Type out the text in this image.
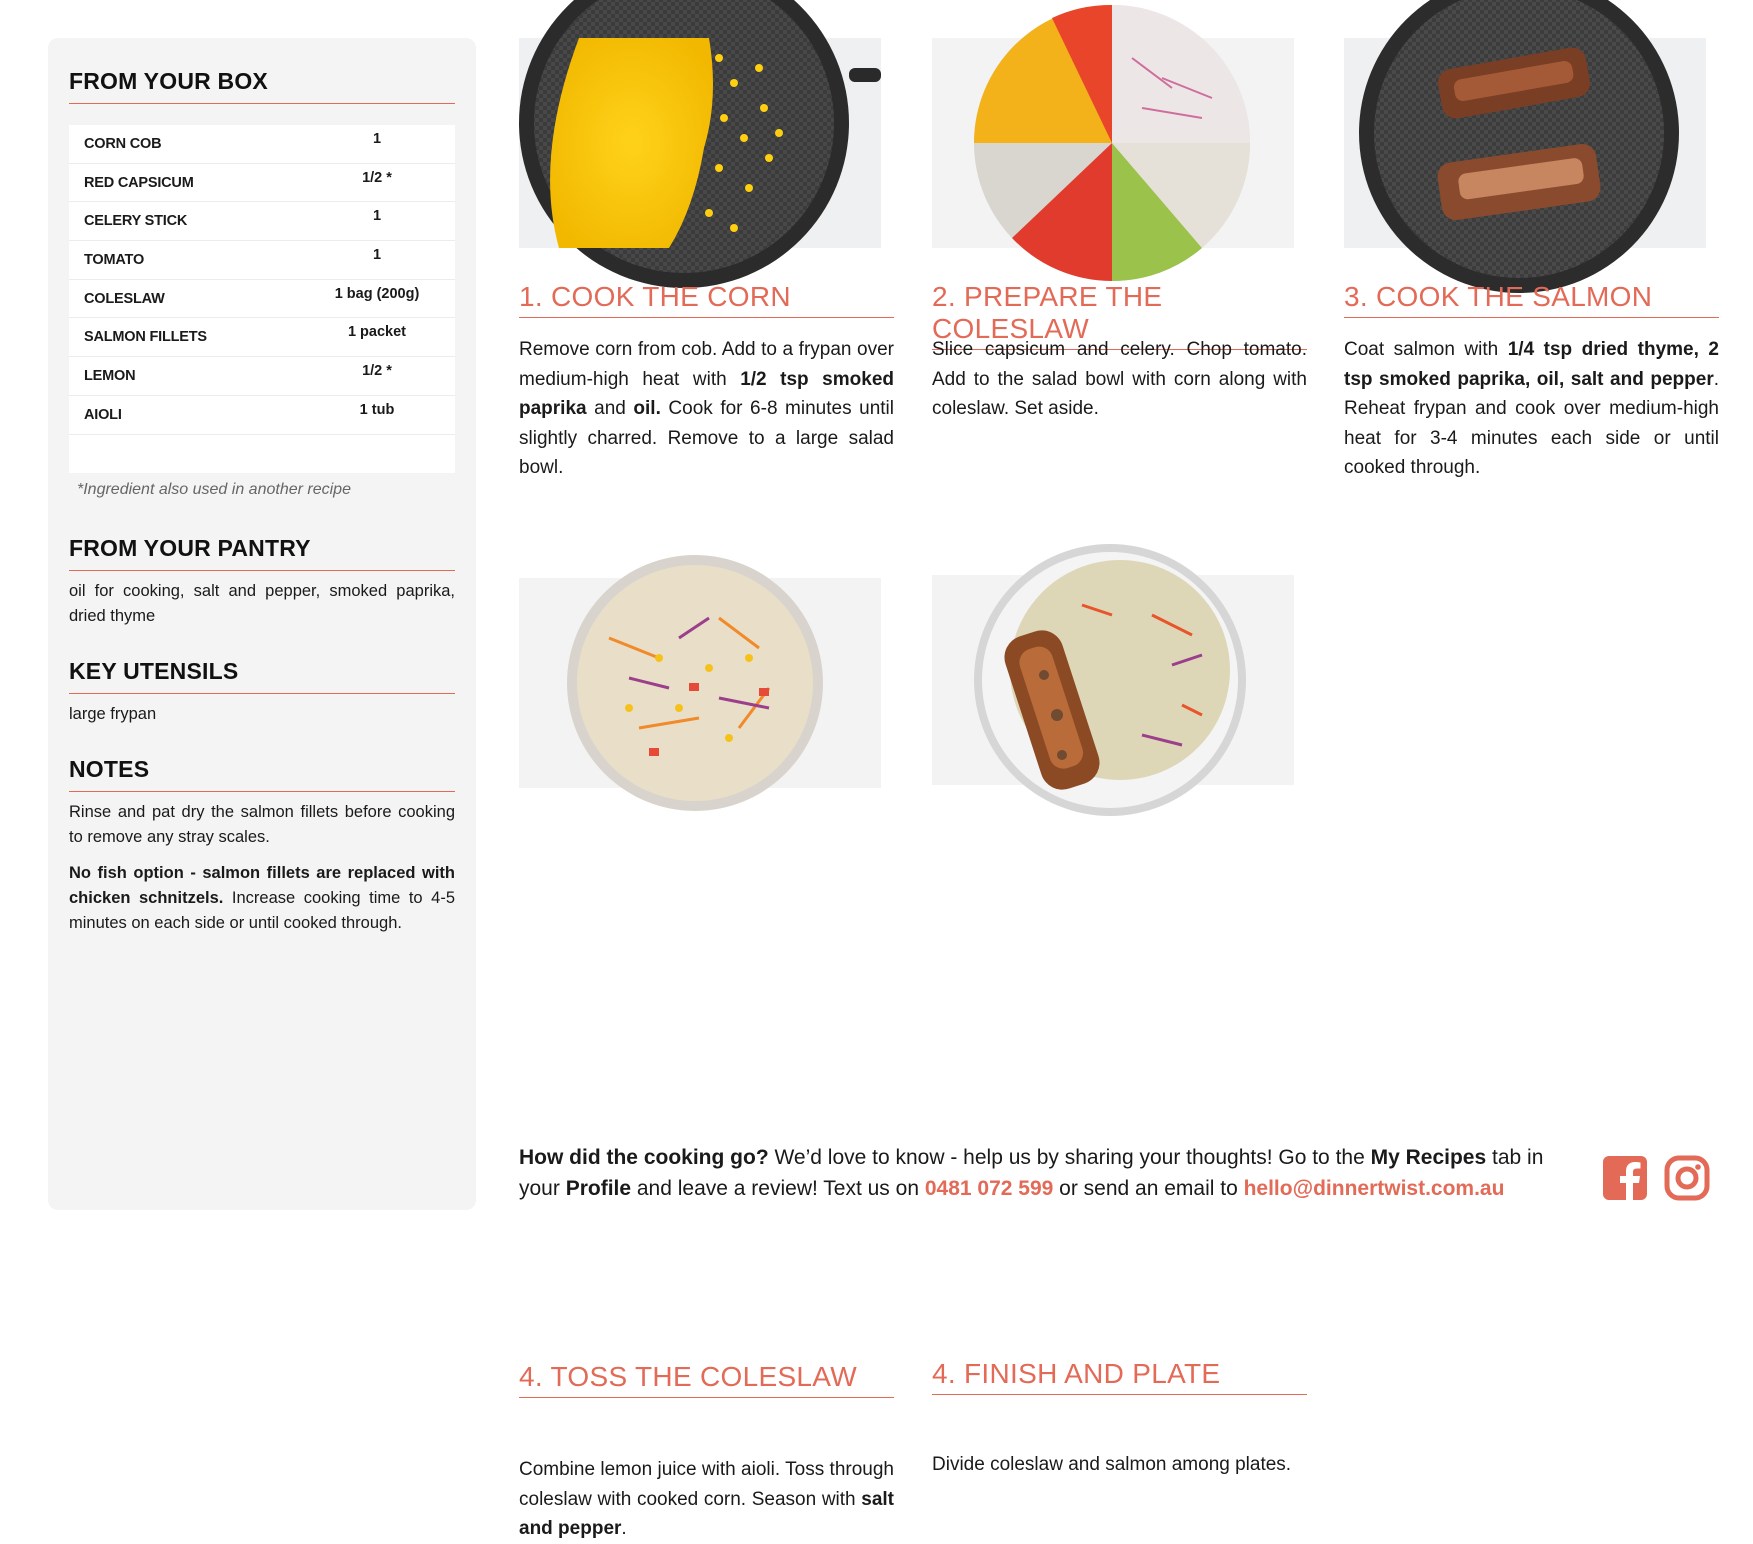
FROM YOUR BOX
CORN COB	1
RED CAPSICUM	1/2 *
CELERY STICK	1
TOMATO	1
COLESLAW	1 bag (200g)
SALMON FILLETS	1 packet
LEMON	1/2 *
AIOLI	1 tub
*Ingredient also used in another recipe
FROM YOUR PANTRY
oil for cooking, salt and pepper, smoked paprika, dried thyme
KEY UTENSILS
large frypan
NOTES
Rinse and pat dry the salmon fillets before cooking to remove any stray scales.
No fish option - salmon fillets are replaced with chicken schnitzels. Increase cooking time to 4-5 minutes on each side or until cooked through.
1. COOK THE CORN
Remove corn from cob. Add to a frypan over medium-high heat with 1/2 tsp smoked paprika and oil. Cook for 6-8 minutes until slightly charred. Remove to a large salad bowl.
2. PREPARE THE COLESLAW
Slice capsicum and celery. Chop tomato. Add to the salad bowl with corn along with coleslaw. Set aside.
3. COOK THE SALMON
Coat salmon with 1/4 tsp dried thyme, 2 tsp smoked paprika, oil, salt and pepper. Reheat frypan and cook over medium-high heat for 3-4 minutes each side or until cooked through.
4. TOSS THE COLESLAW
Combine lemon juice with aioli. Toss through coleslaw with cooked corn. Season with salt and pepper.
4. FINISH AND PLATE
Divide coleslaw and salmon among plates.
How did the cooking go? We’d love to know - help us by sharing your thoughts! Go to the My Recipes tab in your Profile and leave a review! Text us on 0481 072 599 or send an email to hello@dinnertwist.com.au
